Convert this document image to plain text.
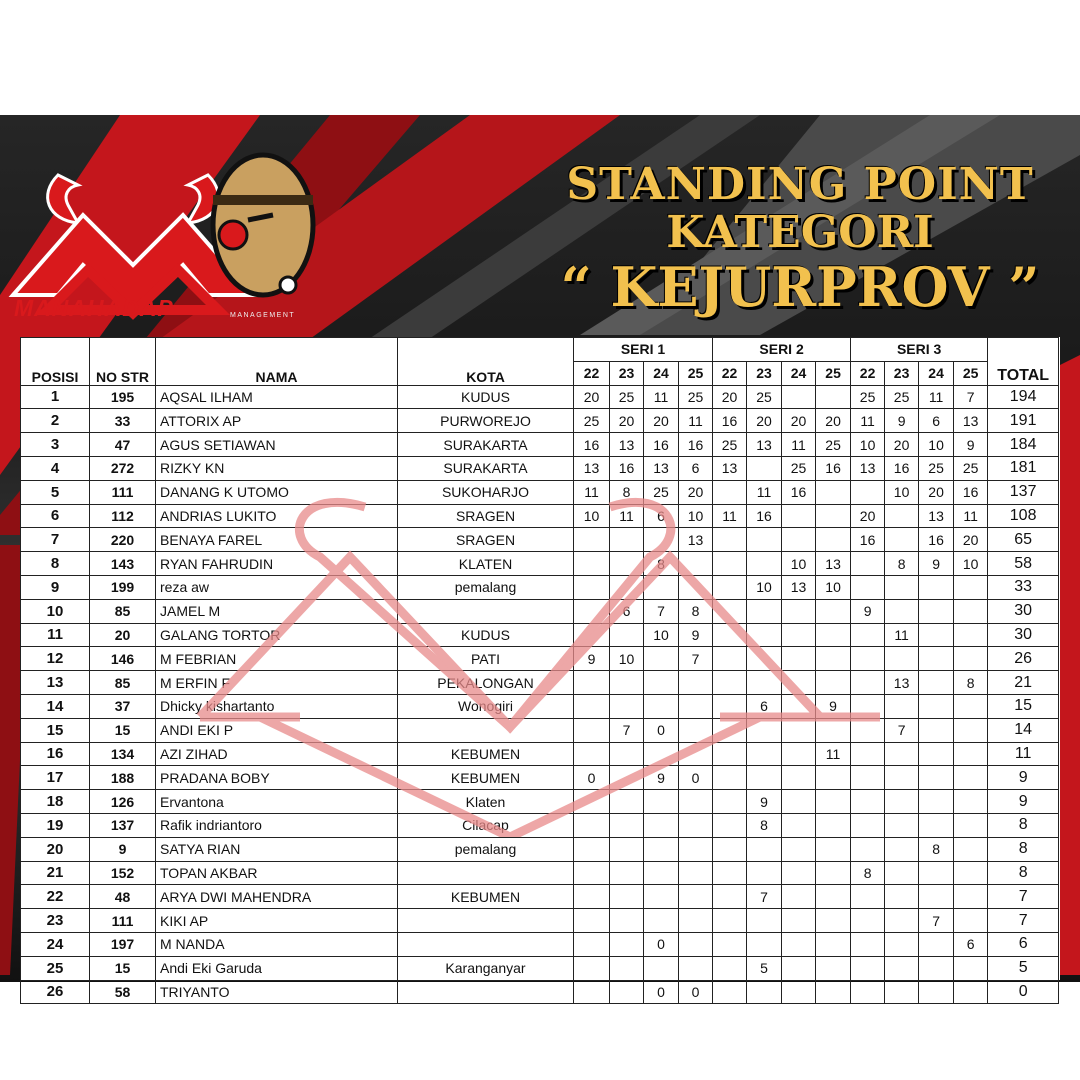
MANAHADAP	MANAGEMENT
STANDING POINT
KATEGORI
“ KEJURPROV ”
POSISI	NO STR	NAMA	KOTA	SERI 1				SERI 2				SERI 3				TOTAL
				22	23	24	25	22	23	24	25	22	23	24	25	
1	195	AQSAL ILHAM	KUDUS	20	25	11	25	20	25			25	25	11	7	194
2	33	ATTORIX AP	PURWOREJO	25	20	20	11	16	20	20	20	11	9	6	13	191
3	47	AGUS SETIAWAN	SURAKARTA	16	13	16	16	25	13	11	25	10	20	10	9	184
4	272	RIZKY KN	SURAKARTA	13	16	13	6	13		25	16	13	16	25	25	181
5	111	DANANG K UTOMO	SUKOHARJO	11	8	25	20		11	16			10	20	16	137
6	112	ANDRIAS LUKITO	SRAGEN	10	11	6	10	11	16			20		13	11	108
7	220	BENAYA FAREL	SRAGEN				13					16		16	20	65
8	143	RYAN FAHRUDIN	KLATEN			8				10	13		8	9	10	58
9	199	reza aw	pemalang						10	13	10					33
10	85	JAMEL M			6	7	8					9				30
11	20	GALANG TORTOR	KUDUS			10	9						11			30
12	146	M FEBRIAN	PATI	9	10		7									26
13	85	M ERFIN F	PEKALONGAN										13		8	21
14	37	Dhicky kishartanto	Wonogiri						6		9					15
15	15	ANDI EKI P			7	0							7			14
16	134	AZI ZIHAD	KEBUMEN								11					11
17	188	PRADANA BOBY	KEBUMEN	0		9	0									9
18	126	Ervantona	Klaten						9							9
19	137	Rafik indriantoro	Cilacap						8							8
20	9	SATYA RIAN	pemalang											8		8
21	152	TOPAN AKBAR										8				8
22	48	ARYA DWI MAHENDRA	KEBUMEN						7							7
23	111	KIKI AP												7		7
24	197	M NANDA				0									6	6
25	15	Andi Eki Garuda	Karanganyar						5							5
26	58	TRIYANTO				0	0									0
